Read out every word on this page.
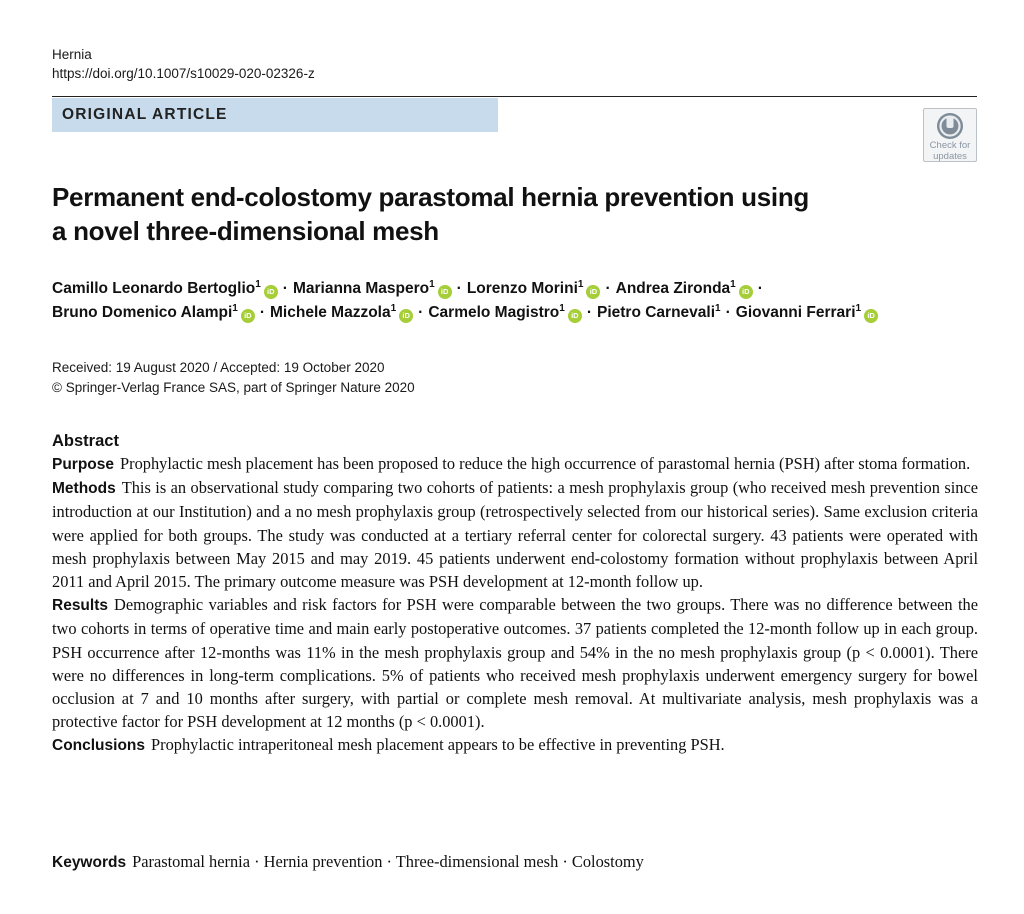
Hernia
https://doi.org/10.1007/s10029-020-02326-z
ORIGINAL ARTICLE
Check for
updates
Permanent end-colostomy parastomal hernia prevention using
a novel three-dimensional mesh
Camillo Leonardo Bertoglio$^1$iD · Marianna Maspero$^1$iD · Lorenzo Morini$^1$iD · Andrea Zironda$^1$iD ·
Bruno Domenico Alampi$^1$iD · Michele Mazzola$^1$iD · Carmelo Magistro$^1$iD · Pietro Carnevali$^1$ · Giovanni Ferrari$^1$iD
Received: 19 August 2020 / Accepted: 19 October 2020
© Springer-Verlag France SAS, part of Springer Nature 2020
Abstract

Purpose Prophylactic mesh placement has been proposed to reduce the high occurrence of parastomal hernia (PSH) after stoma formation.

Methods This is an observational study comparing two cohorts of patients: a mesh prophylaxis group (who received mesh prevention since introduction at our Institution) and a no mesh prophylaxis group (retrospectively selected from our historical series). Same exclusion criteria were applied for both groups. The study was conducted at a tertiary referral center for colorectal surgery. 43 patients were operated with mesh prophylaxis between May 2015 and may 2019. 45 patients underwent end-colostomy formation without prophylaxis between April 2011 and April 2015. The primary outcome measure was PSH development at 12-month follow up.

Results Demographic variables and risk factors for PSH were comparable between the two groups. There was no difference between the two cohorts in terms of operative time and main early postoperative outcomes. 37 patients completed the 12-month follow up in each group. PSH occurrence after 12-months was 11% in the mesh prophylaxis group and 54% in the no mesh prophylaxis group (p < 0.0001). There were no differences in long-term complications. 5% of patients who received mesh prophylaxis underwent emergency surgery for bowel occlusion at 7 and 10 months after surgery, with partial or complete mesh removal. At multivariate analysis, mesh prophylaxis was a protective factor for PSH development at 12 months (p < 0.0001).

Conclusions Prophylactic intraperitoneal mesh placement appears to be effective in preventing PSH.

Keywords Parastomal hernia · Hernia prevention · Three-dimensional mesh · Colostomy
